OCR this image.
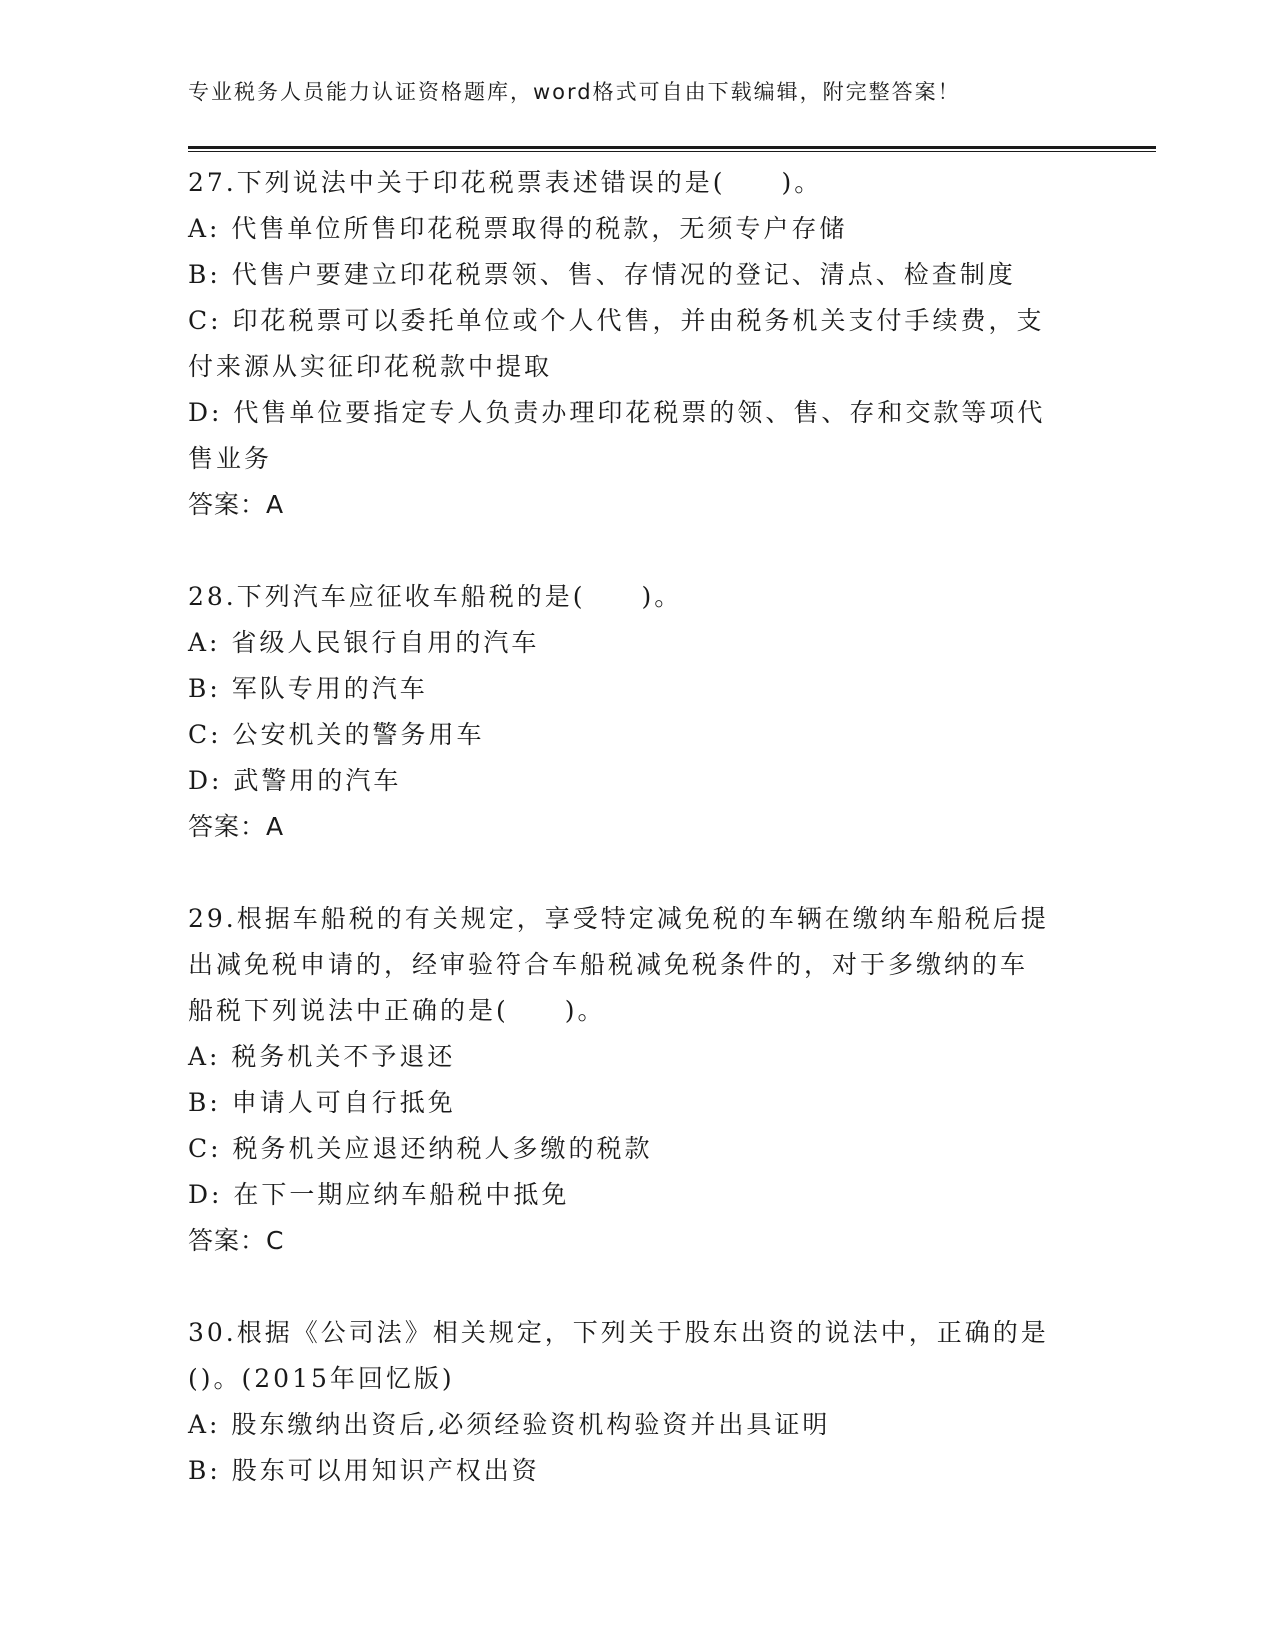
专业税务人员能力认证资格题库，word格式可自由下载编辑，附完整答案！
27.下列说法中关于印花税票表述错误的是(　　)。
A: 代售单位所售印花税票取得的税款，无须专户存储
B: 代售户要建立印花税票领、售、存情况的登记、清点、检查制度
C: 印花税票可以委托单位或个人代售，并由税务机关支付手续费，支
付来源从实征印花税款中提取
D: 代售单位要指定专人负责办理印花税票的领、售、存和交款等项代
售业务
答案：A
28.下列汽车应征收车船税的是(　　)。
A: 省级人民银行自用的汽车
B: 军队专用的汽车
C: 公安机关的警务用车
D: 武警用的汽车
答案：A
29.根据车船税的有关规定，享受特定减免税的车辆在缴纳车船税后提
出减免税申请的，经审验符合车船税减免税条件的，对于多缴纳的车
船税下列说法中正确的是(　　)。
A: 税务机关不予退还
B: 申请人可自行抵免
C: 税务机关应退还纳税人多缴的税款
D: 在下一期应纳车船税中抵免
答案：C
30.根据《公司法》相关规定，下列关于股东出资的说法中，正确的是
()。(2015年回忆版)
A: 股东缴纳出资后,必须经验资机构验资并出具证明
B: 股东可以用知识产权出资
